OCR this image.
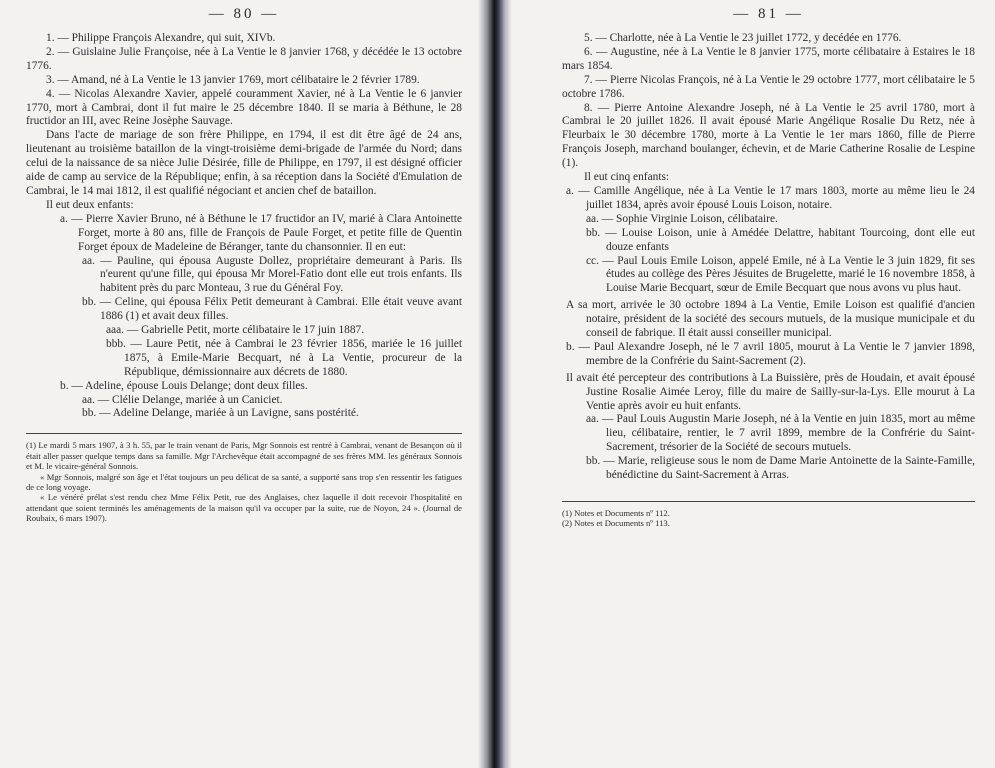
— 80 —

1. — Philippe François Alexandre, qui suit, XIVb.

2. — Guislaine Julie Françoise, née à La Ventie le 8 janvier 1768, y décédée le 13 octobre 1776.

3. — Amand, né à La Ventie le 13 janvier 1769, mort célibataire le 2 février 1789.

4. — Nicolas Alexandre Xavier, appelé couramment Xavier, né à La Ventie le 6 janvier 1770, mort à Cambrai, dont il fut maire le 25 décembre 1840. Il se maria à Béthune, le 28 fructidor an III, avec Reine Josèphe Sauvage.

Dans l'acte de mariage de son frère Philippe, en 1794, il est dit être âgé de 24 ans, lieutenant au troisième bataillon de la vingt-troisième demi-brigade de l'armée du Nord; dans celui de la naissance de sa nièce Julie Désirée, fille de Philippe, en 1797, il est désigné officier aide de camp au service de la République; enfin, à sa réception dans la Société d'Emulation de Cambrai, le 14 mai 1812, il est qualifié négociant et ancien chef de bataillon.

Il eut deux enfants:

a. — Pierre Xavier Bruno, né à Béthune le 17 fructidor an IV, marié à Clara Antoinette Forget, morte à 80 ans, fille de François de Paule Forget, et petite fille de Quentin Forget époux de Madeleine de Béranger, tante du chansonnier. Il en eut:

aa. — Pauline, qui épousa Auguste Dollez, propriétaire demeurant à Paris. Ils n'eurent qu'une fille, qui épousa Mr Morel-Fatio dont elle eut trois enfants. Ils habitent près du parc Monteau, 3 rue du Général Foy.

bb. — Celine, qui épousa Félix Petit demeurant à Cambrai. Elle était veuve avant 1886 (1) et avait deux filles.

aaa. — Gabrielle Petit, morte célibataire le 17 juin 1887.

bbb. — Laure Petit, née à Cambrai le 23 février 1856, mariée le 16 juillet 1875, à Emile-Marie Becquart, né à La Ventie, procureur de la République, démissionnaire aux décrets de 1880.

b. — Adeline, épouse Louis Delange; dont deux filles.

aa. — Clélie Delange, mariée à un Caniciet.

bb. — Adeline Delange, mariée à un Lavigne, sans postérité.

(1) Le mardi 5 mars 1907, à 3 h. 55, par le train venant de Paris, Mgr Sonnois est rentré à Cambrai, venant de Besançon où il était aller passer quelque temps dans sa famille. Mgr l'Archevêque était accompagné de ses frères MM. les généraux Sonnois et M. le vicaire-général Sonnois.

« Mgr Sonnois, malgré son âge et l'état toujours un peu délicat de sa santé, a supporté sans trop s'en ressentir les fatigues de ce long voyage.

« Le vénéré prélat s'est rendu chez Mme Félix Petit, rue des Anglaises, chez laquelle il doit recevoir l'hospitalité en attendant que soient terminés les aménagements de la maison qu'il va occuper par la suite, rue de Noyon, 24 ». (Journal de Roubaix, 6 mars 1907).

— 81 —

5. — Charlotte, née à La Ventie le 23 juillet 1772, y decédée en 1776.

6. — Augustine, née à La Ventie le 8 janvier 1775, morte célibataire à Estaires le 18 mars 1854.

7. — Pierre Nicolas François, né à La Ventie le 29 octobre 1777, mort célibataire le 5 octobre 1786.

8. — Pierre Antoine Alexandre Joseph, né à La Ventie le 25 avril 1780, mort à Cambrai le 20 juillet 1826. Il avait épousé Marie Angélique Rosalie Du Retz, née à Fleurbaix le 30 décembre 1780, morte à La Ventie le 1er mars 1860, fille de Pierre François Joseph, marchand boulanger, échevin, et de Marie Catherine Rosalie de Lespine (1).

Il eut cinq enfants:

a. — Camille Angélique, née à La Ventie le 17 mars 1803, morte au même lieu le 24 juillet 1834, après avoir épousé Louis Loison, notaire.

aa. — Sophie Virginie Loison, célibataire.

bb. — Louise Loison, unie à Amédée Delattre, habitant Tourcoing, dont elle eut douze enfants

cc. — Paul Louis Emile Loison, appelé Emile, né à La Ventie le 3 juin 1829, fit ses études au collège des Pères Jésuites de Brugelette, marié le 16 novembre 1858, à Louise Marie Becquart, sœur de Emile Becquart que nous avons vu plus haut.

A sa mort, arrivée le 30 octobre 1894 à La Ventie, Emile Loison est qualifié d'ancien notaire, président de la société des secours mutuels, de la musique municipale et du conseil de fabrique. Il était aussi conseiller municipal.

b. — Paul Alexandre Joseph, né le 7 avril 1805, mourut à La Ventie le 7 janvier 1898, membre de la Confrérie du Saint-Sacrement (2).

Il avait été percepteur des contributions à La Buissière, près de Houdain, et avait épousé Justine Rosalie Aimée Leroy, fille du maire de Sailly-sur-la-Lys. Elle mourut à La Ventie après avoir eu huit enfants.

aa. — Paul Louis Augustin Marie Joseph, né à la Ventie en juin 1835, mort au même lieu, célibataire, rentier, le 7 avril 1899, membre de la Confrérie du Saint-Sacrement, trésorier de la Société de secours mutuels.

bb. — Marie, religieuse sous le nom de Dame Marie Antoinette de la Sainte-Famille, bénédictine du Saint-Sacrement à Arras.

(1) Notes et Documents nº 112.

(2) Notes et Documents nº 113.
